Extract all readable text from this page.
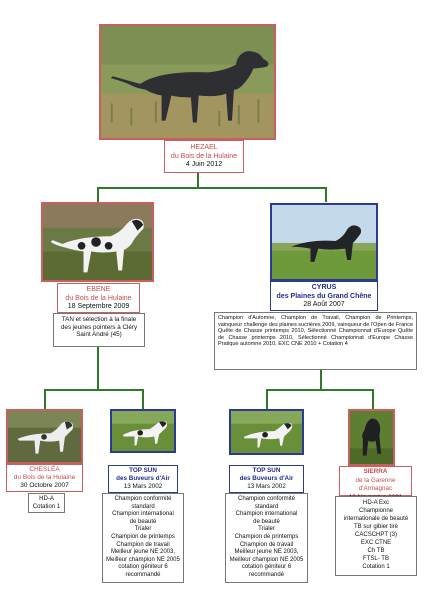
HEZAEL
du Bois de la Hulaine
4 Juin 2012
EBENE
du Bois de la Hulaine
18 Septembre 2009
TAN et sélection à la finale des jeunes pointers à Cléry Saint André (45)
CYRUS
des Plaines du Grand Chêne
28 Août 2007
Champion d'Automne, Champion de Travail, Champion de Printemps, vainqueur challenge des plaines sucrières 2009, vainqueur de l'Open de France Quête de Chasse printemps 2010, Sélectionné Championnat d'Europe Quête de Chasse printemps 2010, Sélectionné Championnat d'Europe Chasse Pratique automne 2010, EXC CNE 2010 + Cotation 4
CHESLÉA
du Bois de la Hulaine
30 Octobre 2007
HD-A
Cotation 1
TOP SUN
des Buveurs d'Air
13 Mars 2002
Champion conformité
standard
Champion international
de beauté
Trialer
Champion de printemps
Champion de travail
Meilleur jeune NE 2003,
Meilleur champion NE 2005
cotation géniteur 6
recommandé
TOP SUN
des Buveurs d'Air
13 Mars 2002
Champion conformité
standard
Champion international
de beauté
Trialer
Champion de printemps
Champion de travail
Meilleur jeune NE 2003,
Meilleur champion NE 2005
cotation géniteur 6
recommandé
SIERRA
de la Garenne d'Armagnac
HD-A Exc
Championne
internationale de beauté
TB sur gibier tiré
CACSCHPT (3)
EXC CTNE
Ch TB
FTSL- TB
Cotation 1
